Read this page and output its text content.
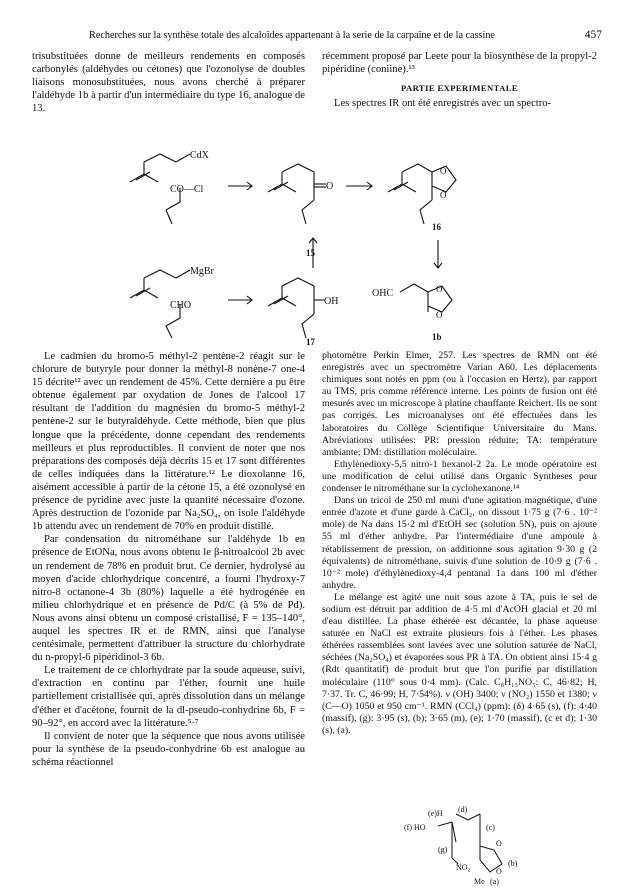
Recherches sur la synthèse totale des alcaloïdes appartenant à la serie de la carpaïne et de la cassine	457

trisubstituées donne de meilleurs rendements en composés carbonylés (aldéhydes ou cétones) que l'ozonolyse de doubles liaisons monosubstituées, nous avons cherché à préparer l'aldéhyde 1b à partir d'un intermédiaire du type 16, analogue de 13.

récemment proposé par Leete pour la biosynthèse de la propyl-2 pipéridine (coniine).¹³

PARTIE EXPERIMENTALE

Les spectres IR ont été enregistrés avec un spectro-

CdX
CO—Cl	O
O
O
15
16
MgBr
CHO	OH
17
OHC	O
O
1b

Le cadmien du bromo-5 méthyl-2 pentène-2 réagit sur le chlorure de butyryle pour donner la méthyl-8 nonène-7 one-4 15 décrite¹² avec un rendement de 45%. Cette dernière a pu être obtenue également par oxydation de Jones de l'alcool 17 résultant de l'addition du magnésien du bromo-5 méthyl-2 pentène-2 sur le butyraldéhyde. Cette méthode, bien que plus longue que la précédente, donne cependant des rendements meilleurs et plus reproductibles. Il convient de noter que nos préparations des composés déjà décrits 15 et 17 sont différentes de celles indiquées dans la littérature.¹² Le dioxolanne 16, aisément accessible à partir de la cétone 15, a été ozonolysé en présence de pyridine avec juste la quantité nécessaire d'ozone. Après destruction de l'ozonide par Na₂SO₄, on isole l'aldéhyde 1b attendu avec un rendement de 70% en produit distillé.

Par condensation du nitrométhane sur l'aldéhyde 1b en présence de EtONa, nous avons obtenu le β-nitroalcool 2b avec un rendement de 78% en produit brut. Ce dernier, hydrolysé au moyen d'acide chlorhydrique concentré, a fourni l'hydroxy-7 nitro-8 octanone-4 3b (80%) laquelle a été hydrogénée en milieu chlorhydrique et en présence de Pd/C (à 5% de Pd). Nous avons ainsi obtenu un composé cristallisé, F = 135–140°, auquel les spectres IR et de RMN, ainsi que l'analyse centésimale, permettent d'attribuer la structure du chlorhydrate du n-propyl-6 pipéridinol-3 6b.

Le traitement de ce chlorhydrate par la soude aqueuse, suivi, d'extraction en continu par l'éther, fournit une huile partiellement cristallisée qui, après dissolution dans un mélange d'éther et d'acétone, fournit de la dl-pseudo-conhydrine 6b, F = 90–92°, en accord avec la littérature.⁵·⁷

Il convient de noter que la séquence que nous avons utilisée pour la synthèse de la pseudo-conhydrine 6b est analogue au schéma réactionnel

photomètre Perkin Elmer, 257. Les spectres de RMN ont été enregistrés avec un spectromètre Varian A60. Les déplacements chimiques sont notés en ppm (ou à l'occasion en Hertz), par rapport au TMS, pris comme référence interne. Les points de fusion ont été mesurés avec un microscope à platine chauffante Reichert. Ils ne sont pas corrigés. Les microanalyses ont été effectuées dans les laboratoires du Collège Scientifique Universitaire du Mans. Abréviations utilisées: PR: pression réduite; TA: température ambiante; DM: distillation moléculaire.

Ethylènedioxy-5,5 nitro-1 hexanol-2 2a. Le mode opératoire est une modification de celui utilisé dans Organic Syntheses pour condenser le nitrométhane sur la cyclohexanone.¹⁴

Dans un tricol de 250 ml muni d'une agitation magnétique, d'une entrée d'azote et d'une garde à CaCl₂, on dissout 1·75 g (7·6 . 10⁻² mole) de Na dans 15·2 ml d'EtOH sec (solution 5N), puis on ajoute 55 ml d'éther anhydre. Par l'intermédiaire d'une ampoule à rétablissement de pression, on additionne sous agitation 9·30 g (2 équivalents) de nitrométhane, suivis d'une solution de 10·9 g (7·6 . 10⁻² mole) d'éthylènedioxy-4,4 pentanal 1a dans 100 ml d'éther anhydre.

Le mélange est agité une nuit sous azote à TA, puis le sel de sodium est détruit par addition de 4·5 ml d'AcOH glacial et 20 ml d'eau distillée. La phase éthérée est décantée, la phase aqueuse saturée en NaCl est extraite plusieurs fois à l'éther. Les phases éthérées rassemblées sont lavées avec une solution saturée de NaCl, séchées (Na₂SO₄) et évaporées sous PR à TA. On obtient ainsi 15·4 g (Rdt quantitatif) de produit brut que l'on purifie par distillation moléculaire (110° sous 0·4 mm). (Calc. C₈H₁₅NO₅: C, 46·82; H, 7·37. Tr. C, 46·99; H, 7·54%). ν (OH) 3400; ν (NO₂) 1550 et 1380; ν (C—O) 1050 et 950 cm⁻¹. RMN (CCl₄) (ppm): (δ) 4·65 (s), (f): 4·40 (massif), (g): 3·95 (s), (b); 3·65 (m), (e); 1·70 (massif), (c et d); 1·30 (s), (a).

(e)H (d)
(c)
(f) HO
(g)
NO₂
O
O
(b)
Me (a)
